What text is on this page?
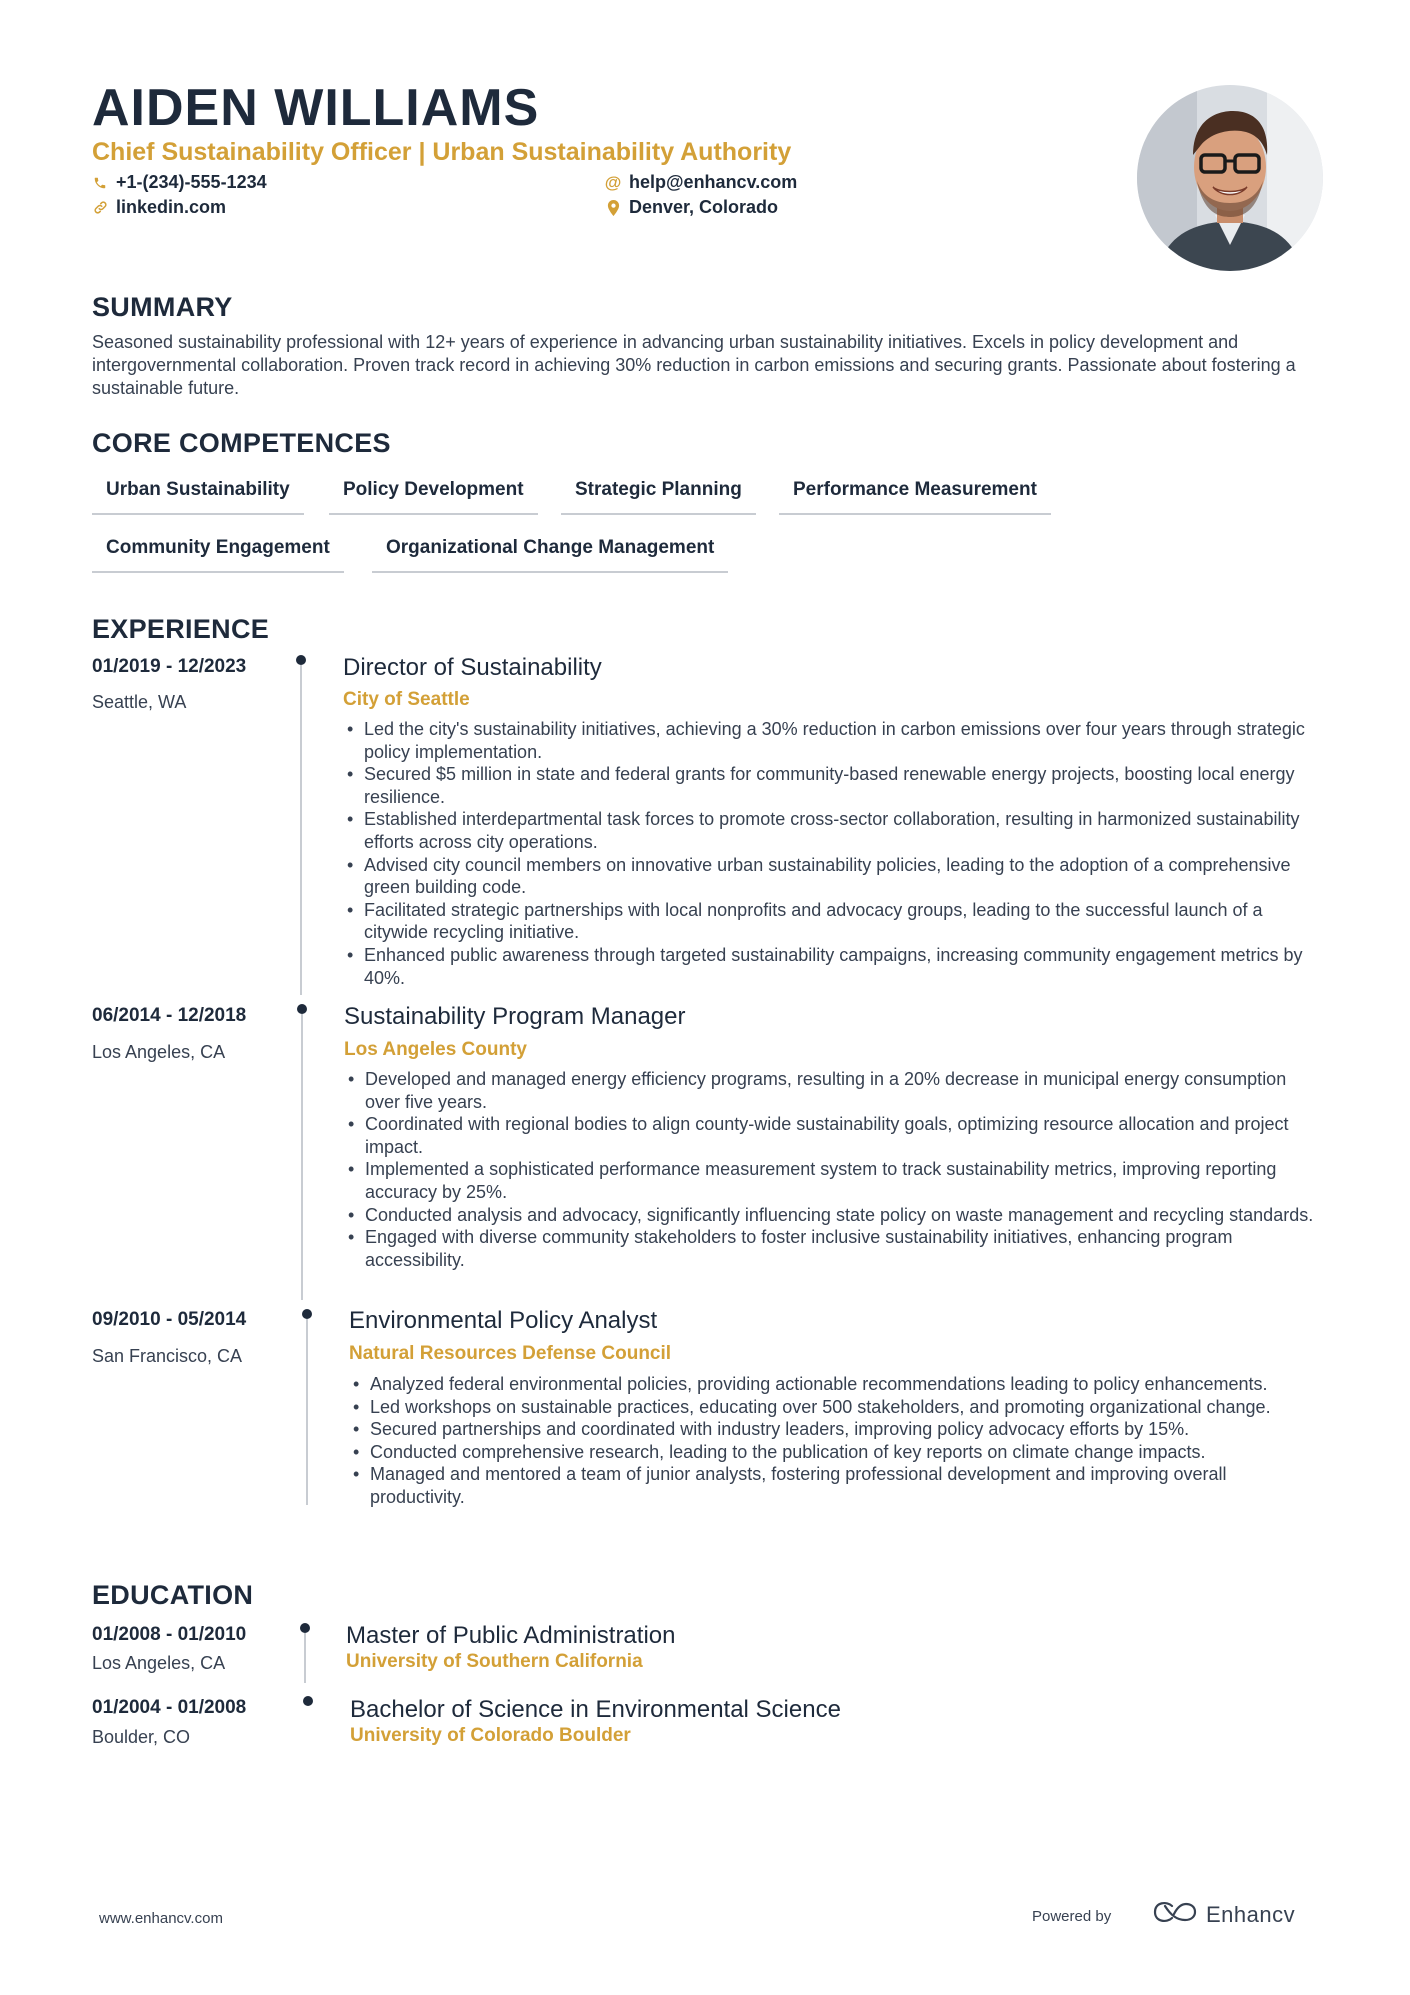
AIDEN WILLIAMS
Chief Sustainability Officer | Urban Sustainability Authority
+1-(234)-555-1234	@ help@enhancv.com
linkedin.com	Denver, Colorado
SUMMARY
Seasoned sustainability professional with 12+ years of experience in advancing urban sustainability initiatives. Excels in policy development and intergovernmental collaboration. Proven track record in achieving 30% reduction in carbon emissions and securing grants. Passionate about fostering a sustainable future.
CORE COMPETENCES
Urban Sustainability	Policy Development	Strategic Planning	Performance Measurement
Community Engagement	Organizational Change Management
EXPERIENCE
01/2019 - 12/2023
Seattle, WA
Director of Sustainability
City of Seattle
• Led the city's sustainability initiatives, achieving a 30% reduction in carbon emissions over four years through strategic policy implementation.
• Secured $5 million in state and federal grants for community-based renewable energy projects, boosting local energy resilience.
• Established interdepartmental task forces to promote cross-sector collaboration, resulting in harmonized sustainability efforts across city operations.
• Advised city council members on innovative urban sustainability policies, leading to the adoption of a comprehensive green building code.
• Facilitated strategic partnerships with local nonprofits and advocacy groups, leading to the successful launch of a citywide recycling initiative.
• Enhanced public awareness through targeted sustainability campaigns, increasing community engagement metrics by 40%.
06/2014 - 12/2018
Los Angeles, CA
Sustainability Program Manager
Los Angeles County
• Developed and managed energy efficiency programs, resulting in a 20% decrease in municipal energy consumption over five years.
• Coordinated with regional bodies to align county-wide sustainability goals, optimizing resource allocation and project impact.
• Implemented a sophisticated performance measurement system to track sustainability metrics, improving reporting accuracy by 25%.
• Conducted analysis and advocacy, significantly influencing state policy on waste management and recycling standards.
• Engaged with diverse community stakeholders to foster inclusive sustainability initiatives, enhancing program accessibility.
09/2010 - 05/2014
San Francisco, CA
Environmental Policy Analyst
Natural Resources Defense Council
• Analyzed federal environmental policies, providing actionable recommendations leading to policy enhancements.
• Led workshops on sustainable practices, educating over 500 stakeholders, and promoting organizational change.
• Secured partnerships and coordinated with industry leaders, improving policy advocacy efforts by 15%.
• Conducted comprehensive research, leading to the publication of key reports on climate change impacts.
• Managed and mentored a team of junior analysts, fostering professional development and improving overall productivity.
EDUCATION
01/2008 - 01/2010
Los Angeles, CA
Master of Public Administration
University of Southern California
01/2004 - 01/2008
Boulder, CO
Bachelor of Science in Environmental Science
University of Colorado Boulder
www.enhancv.com	Powered by	Enhancv
